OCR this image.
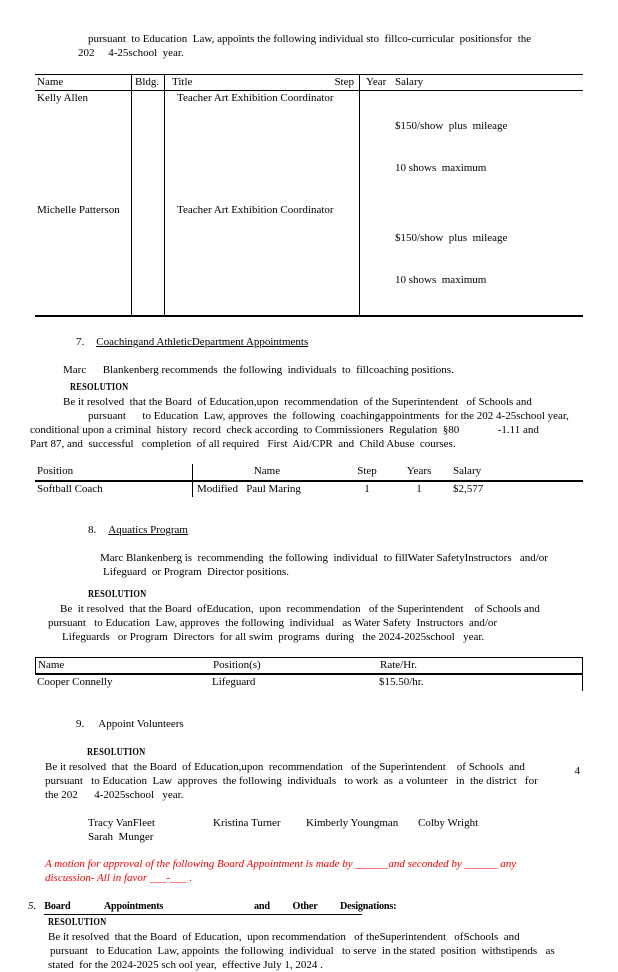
pursuant  to Education  Law, appoints the following individual sto  fillco-curricular  positionsfor  the
202     4-25school  year.
Name	Bldg.	Title	Step	Year Salary
Kelly Allen	Teacher Art Exhibition Coordinator

$150/show  plus  mileage

10 shows  maximum

Michelle Patterson	Teacher Art Exhibition Coordinator

$150/show  plus  mileage

10 shows  maximum

7. Coachingand AthleticDepartment Appointments

Marc      Blankenberg recommends  the following  individuals  to  fillcoaching positions.
RESOLUTION
Be it resolved  that the Board  of Education,upon  recommendation  of the Superintendent   of Schools and
pursuant      to Education  Law, approves  the  following  coachingappointments  for the 202 4-25school year,
conditional upon a criminal  history  record  check according  to Commissioners  Regulation  §80              -1.11 and
Part 87, and  successful   completion  of all required   First  Aid/CPR  and  Child Abuse  courses.
Position	Name	Step	Years	Salary
Softball Coach	Modified   Paul Maring	1	1	$2,577

8. Aquatics Program

Marc Blankenberg is  recommending  the following  individual  to fillWater SafetyInstructors   and/or
Lifeguard  or Program  Director positions.
RESOLUTION
Be  it resolved  that the Board  ofEducation,  upon  recommendation   of the Superintendent    of Schools and
pursuant   to Education  Law, approves  the following  individual   as Water Safety  Instructors  and/or
Lifeguards   or Program  Directors  for all swim  programs  during   the 2024-2025school   year.
Name	Position(s)	Rate/Hr.
Cooper Connelly	Lifeguard	$15.50/hr.

9. Appoint Volunteers

RESOLUTION
Be it resolved  that  the Board  of Education,upon  recommendation   of the Superintendent    of Schools  and
pursuant   to Education  Law  approves  the following  individuals   to work  as  a volunteer   in  the district   for
the 202      4-2025school   year.
Tracy VanFleet	Kristina Turner Kimberly Youngman Colby Wright
Sarah  Munger
A motion for approval of the following Board Appointment is made by ______and seconded by ______ any
discussion- All in favor ___-___ .
5. Board   Appointments        and  Other  Designations:
RESOLUTION
Be it resolved  that the Board  of Education,  upon recommendation   of theSuperintendent   ofSchools  and
pursuant   to Education  Law, appoints  the following  individual   to serve  in the stated  position  withstipends   as
stated  for the 2024-2025 sch ool year,  effective July 1, 2024 .
4
